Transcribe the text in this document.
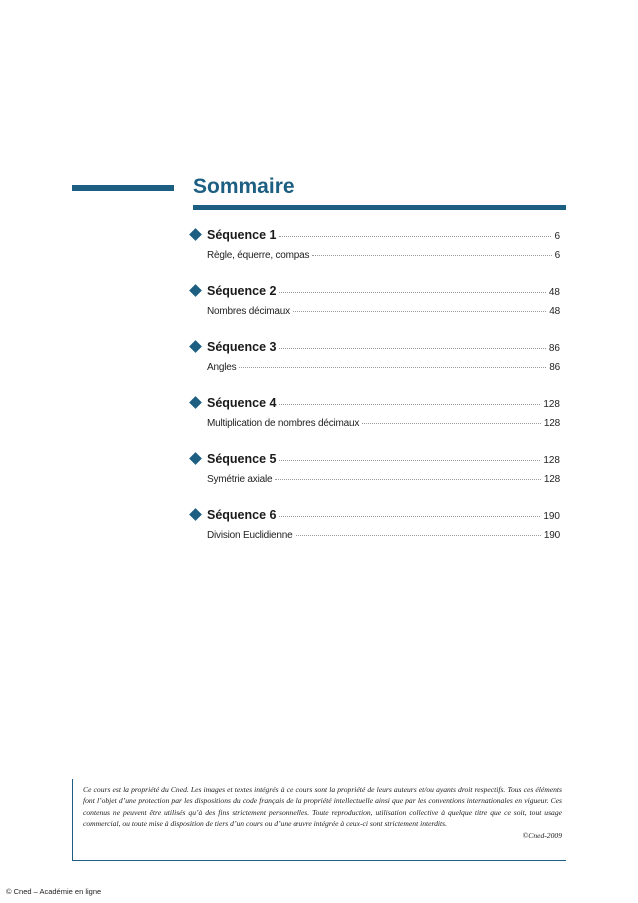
Sommaire
Séquence 1	6
Règle, équerre, compas	6
Séquence 2	48
Nombres décimaux	48
Séquence 3	86
Angles	86
Séquence 4	128
Multiplication de nombres décimaux	128
Séquence 5	128
Symétrie axiale	128
Séquence 6	190
Division Euclidienne	190

Ce cours est la propriété du Cned. Les images et textes intégrés à ce cours sont la propriété de leurs auteurs et/ou ayants droit respectifs. Tous ces éléments font l’objet d’une protection par les dispositions du code français de la propriété intellectuelle ainsi que par les conventions internationales en vigueur. Ces contenus ne peuvent être utilisés qu’à des fins strictement personnelles. Toute reproduction, utilisation collective à quelque titre que ce soit, tout usage commercial, ou toute mise à disposition de tiers d’un cours ou d’une œuvre intégrée à ceux-ci sont strictement interdits.

©Cned-2009

© Cned – Académie en ligne
